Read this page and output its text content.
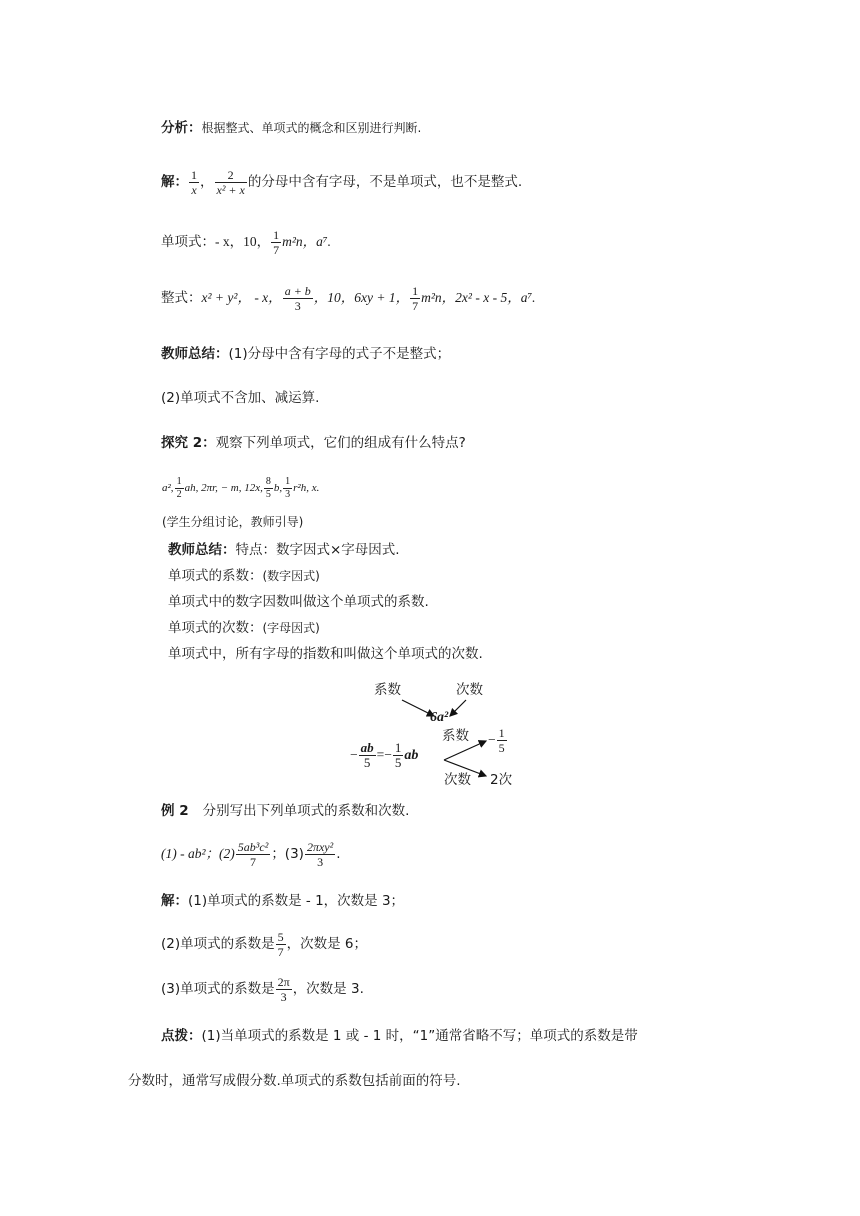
分析：根据整式、单项式的概念和区别进行判断.
解： $\frac{1}{x}$ ， $\frac{2}{\text{x² + x}}$ 的分母中含有字母，不是单项式，也不是整式.
单项式：- x，10， $\frac{1}{7} m^2n$，a⁷.
整式：x² + y²， - x， $\frac{a + b}{3}$ ，10，6xy + 1， $\frac{1}{7} m^2n$，2x² - x - 5，a⁷.
教师总结：(1)分母中含有字母的式子不是整式；
(2)单项式不含加、减运算.
探究 2：观察下列单项式，它们的组成有什么特点?
a², $\frac{1}{2}$ ah, 2πr, − m, 12x, $\frac{8}{5} b$, $\frac{1}{3} r^2h$, x.
(学生分组讨论，教师引导)
教师总结：特点：数字因式×字母因式.
单项式的系数：(数字因式)
单项式中的数字因数叫做这个单项式的系数.
单项式的次数：(字母因式)
单项式中，所有字母的指数和叫做这个单项式的次数.
系数	次数
6a²
− $\frac{ab}{5} =- \frac{1}{5}$ ab
系数 − $\frac{1}{5}$
次数 2次
例 2 分别写出下列单项式的系数和次数.
(1) - ab²；$(2) \frac{\text{5ab³c²}}{7}$ ；(3) 2πxy²
3 .
解：(1)单项式的系数是 - 1，次数是 3；
(2)单项式的系数是 $\frac{5}{7}$ ，次数是 6；
(3)单项式的系数是 $\frac{2\pi}{3}$ ，次数是 3.
点拨：(1)当单项式的系数是 1 或 - 1 时，“1”通常省略不写；单项式的系数是带
分数时，通常写成假分数.单项式的系数包括前面的符号.
